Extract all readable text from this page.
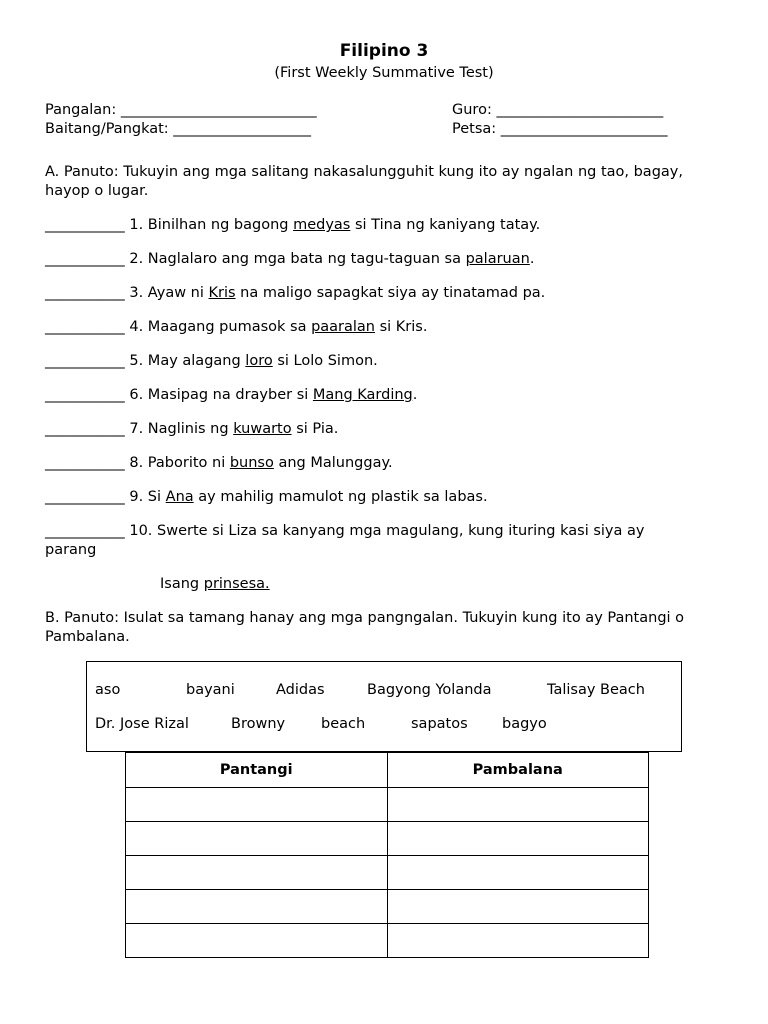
Filipino 3
(First Weekly Summative Test)
Pangalan: ___________________________
Baitang/Pangkat: ___________________
Guro: _______________________
Petsa: _______________________
A. Panuto: Tukuyin ang mga salitang nakasalungguhit kung ito ay ngalan ng tao, bagay,
hayop o lugar.
___________ 1. Binilhan ng bagong medyas si Tina ng kaniyang tatay.
___________ 2. Naglalaro ang mga bata ng tagu-taguan sa palaruan.
___________ 3. Ayaw ni Kris na maligo sapagkat siya ay tinatamad pa.
___________ 4. Maagang pumasok sa paaralan si Kris.
___________ 5. May alagang loro si Lolo Simon.
___________ 6. Masipag na drayber si Mang Karding.
___________ 7. Naglinis ng kuwarto si Pia.
___________ 8. Paborito ni bunso ang Malunggay.
___________ 9. Si Ana ay mahilig mamulot ng plastik sa labas.
___________ 10. Swerte si Liza sa kanyang mga magulang, kung ituring kasi siya ay
parang
Isang prinsesa.
B. Panuto: Isulat sa tamang hanay ang mga pangngalan. Tukuyin kung ito ay Pantangi o
Pambalana.
aso	bayani	Adidas	Bagyong Yolanda	Talisay Beach
Dr. Jose Rizal	Browny beach	sapatos bagyo
Pantangi	Pambalana
